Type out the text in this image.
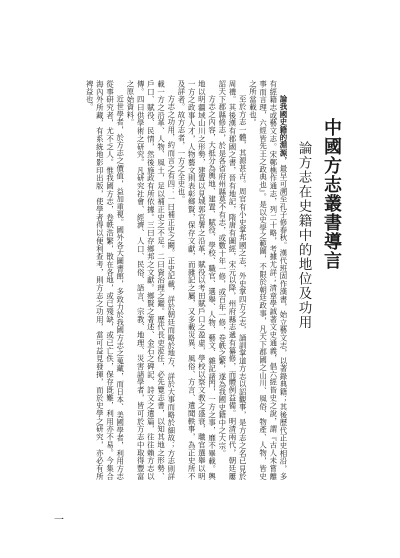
中國方志叢書導言
論方志在史籍中的地位及功用

論我國史籍的淵源，最早可溯至孔子修春秋。漢代班固作漢書，始立藝文志，以著錄典籍；其後歷代正史相沿，多有經籍志或藝文志。宋鄭樵作通志，列二十略，考據尤詳；清章學誠著文史通義，倡六經皆史之說，謂『古人未嘗離事而言理，六經皆先王之政典也』。是以史學之範圍，不限於朝廷政事，凡天下郡國之山川、風俗、物產、人物，皆史之所當載也。

至於方志一體，其源甚古。周官有小史掌邦國之志，外史掌四方之志，誦訓掌道方志以詔觀事，是方志之名已見於周禮。其後漢有郡國之書，晉有地記，隋唐有圖經，宋元以降，州府縣志遞有纂修，而體例益備。明清兩代，朝廷屢詔天下郡縣修志，於是各省府州縣莫不有志，或數十年一修，或百年一修，卷帙之繁，遂為我國史籍中之大宗。

方志之內容，大抵分為輿地、建置、賦役、學校、職官、選舉、人物、藝文、雜記諸門，一方之事，靡不畢載。輿地以明疆域山川之形勢，建置以見城郭官署之沿革，賦役以考田賦戶口之盈虛，學校以察文教之盛衰，職官選舉以明一方之政事人才，人物藝文則表彰鄉賢，保存文獻，而雜記之屬，又多載災異、風俗、方言、遺聞軼事，為正史所不及詳者。故方志者，一方之全史也。

方志之功用，約而言之有四：一曰補正史之闕。正史記載，詳於朝廷而略於地方，詳於大事而略於細故；方志則詳載一方之沿革、人物、風土，足以補正史之不足。二曰資治理之鑑。歷代長吏蒞任，必先覽志書，以知其地之形勢、戶口、賦役、民情，然後施政有所依據。三曰存鄉邦之文獻。鄉賢之著述、金石之碑記、詩文之遺篇，往往賴方志以傳。四曰供學術之研究。凡研究社會、經濟、人口、民俗、語言、宗教、地理、災害諸學者，皆可於方志中取得豐富之原始資料。

近世學者，於方志之價值，益加重視。國外各大圖書館，多致力於我國方志之蒐藏，而日本、美國學者，利用方志從事研究者，尤不乏人。惟我國方志，卷帙浩繁，散在各地，或已殘缺，或已亡佚，保存既難，利用亦不易。今集合海內外所藏，有系統地影印出版，使學者得以便利查考，則方志之功用，當可益見發揮，而於史學之研究，亦必有所裨益也。

一
